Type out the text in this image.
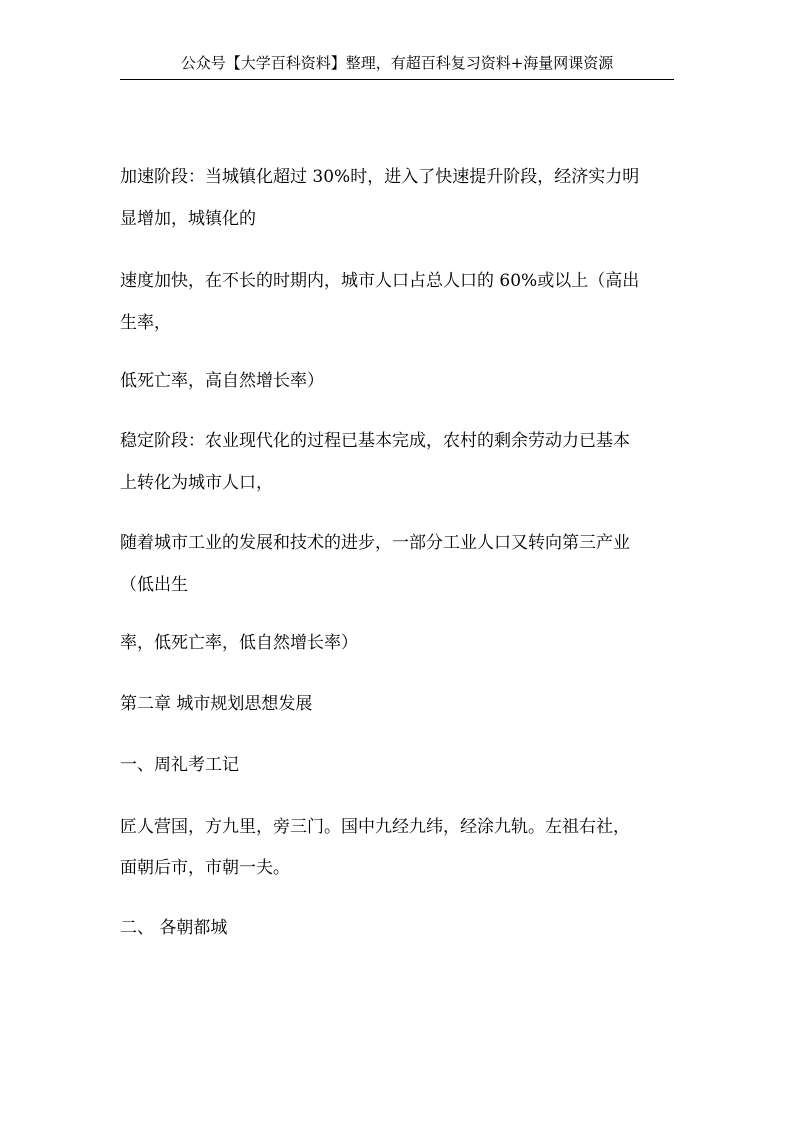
公众号【大学百科资料】整理，有超百科复习资料+海量网课资源

加速阶段：当城镇化超过 30%时，进入了快速提升阶段，经济实力明

显增加，城镇化的

速度加快，在不长的时期内，城市人口占总人口的 60%或以上（高出

生率，

低死亡率，高自然增长率）

稳定阶段：农业现代化的过程已基本完成，农村的剩余劳动力已基本

上转化为城市人口，

随着城市工业的发展和技术的进步，一部分工业人口又转向第三产业

（低出生

率，低死亡率，低自然增长率）

第二章 城市规划思想发展

一、周礼考工记

匠人营国，方九里，旁三门。国中九经九纬，经涂九轨。左祖右社，

面朝后市，市朝一夫。

二、 各朝都城
